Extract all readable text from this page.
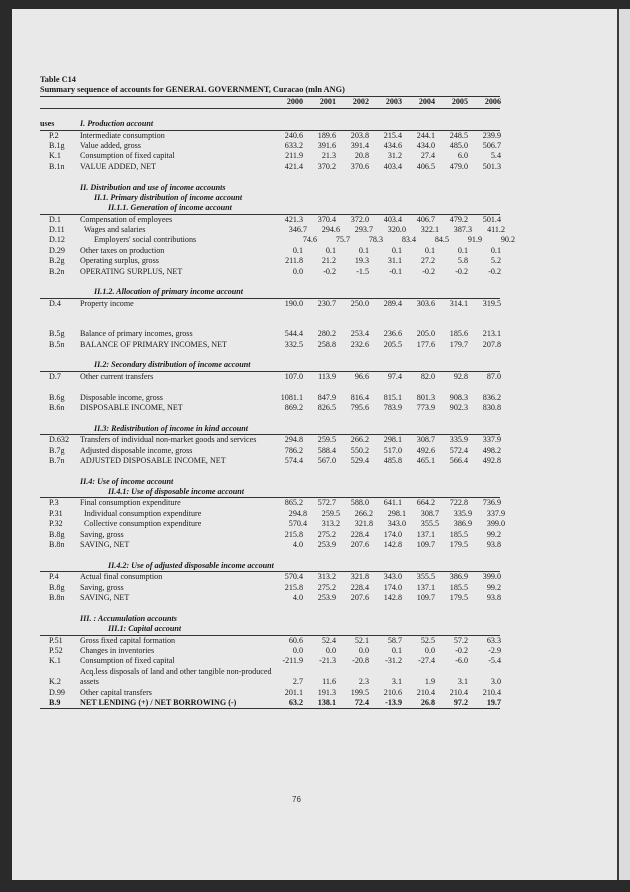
Table C14
Summary sequence of accounts for GENERAL GOVERNMENT, Curacao (mln ANG)
2000	2001	2002	2003	2004	2005	2006
uses	I. Production account
P.2	Intermediate consumption	240.6	189.6	203.8	215.4	244.1	248.5	239.9
B.1g	Value added, gross	633.2	391.6	391.4	434.6	434.0	485.0	506.7
K.1	Consumption of fixed capital	211.9	21.3	20.8	31.2	27.4	6.0	5.4
B.1n	VALUE ADDED, NET	421.4	370.2	370.6	403.4	406.5	479.0	501.3
II. Distribution and use of income accounts
II.1. Primary distribution of income account
II.1.1. Generation of income account
D.1	Compensation of employees	421.3	370.4	372.0	403.4	406.7	479.2	501.4
D.11	Wages and salaries	346.7	294.6	293.7	320.0	322.1	387.3	411.2
D.12	Employers' social contributions	74.6	75.7	78.3	83.4	84.5	91.9	90.2
D.29	Other taxes on production	0.1	0.1	0.1	0.1	0.1	0.1	0.1
B.2g	Operating surplus, gross	211.8	21.2	19.3	31.1	27.2	5.8	5.2
B.2n	OPERATING SURPLUS, NET	0.0	-0.2	-1.5	-0.1	-0.2	-0.2	-0.2
II.1.2. Allocation of primary income account
D.4	Property income	190.0	230.7	250.0	289.4	303.6	314.1	319.5
B.5g	Balance of primary incomes, gross	544.4	280.2	253.4	236.6	205.0	185.6	213.1
B.5n	BALANCE OF PRIMARY INCOMES, NET	332.5	258.8	232.6	205.5	177.6	179.7	207.8
II.2: Secondary distribution of income account
D.7	Other current transfers	107.0	113.9	96.6	97.4	82.0	92.8	87.0
B.6g	Disposable income, gross	1081.1	847.9	816.4	815.1	801.3	908.3	836.2
B.6n	DISPOSABLE INCOME, NET	869.2	826.5	795.6	783.9	773.9	902.3	830.8
II.3: Redistribution of income in kind account
D.632	Transfers of individual non-market goods and services	294.8	259.5	266.2	298.1	308.7	335.9	337.9
B.7g	Adjusted disposable income, gross	786.2	588.4	550.2	517.0	492.6	572.4	498.2
B.7n	ADJUSTED DISPOSABLE INCOME, NET	574.4	567.0	529.4	485.8	465.1	566.4	492.8
II.4: Use of income account
II.4.1: Use of disposable income account
P.3	Final consumption expenditure	865.2	572.7	588.0	641.1	664.2	722.8	736.9
P.31	Individual consumption expenditure	294.8	259.5	266.2	298.1	308.7	335.9	337.9
P.32	Collective consumption expenditure	570.4	313.2	321.8	343.0	355.5	386.9	399.0
B.8g	Saving, gross	215.8	275.2	228.4	174.0	137.1	185.5	99.2
B.8n	SAVING, NET	4.0	253.9	207.6	142.8	109.7	179.5	93.8
II.4.2: Use of adjusted disposable income account
P.4	Actual final consumption	570.4	313.2	321.8	343.0	355.5	386.9	399.0
B.8g	Saving, gross	215.8	275.2	228.4	174.0	137.1	185.5	99.2
B.8n	SAVING, NET	4.0	253.9	207.6	142.8	109.7	179.5	93.8
III. : Accumulation accounts
III.1: Capital account
P.51	Gross fixed capital formation	60.6	52.4	52.1	58.7	52.5	57.2	63.3
P.52	Changes in inventories	0.0	0.0	0.0	0.1	0.0	-0.2	-2.9
K.1	Consumption of fixed capital	-211.9	-21.3	-20.8	-31.2	-27.4	-6.0	-5.4
Acq.less disposals of land and other tangible non-produced
K.2	assets	2.7	11.6	2.3	3.1	1.9	3.1	3.0
D.99	Other capital transfers	201.1	191.3	199.5	210.6	210.4	210.4	210.4
B.9	NET LENDING (+) / NET BORROWING (-)	63.2	138.1	72.4	-13.9	26.8	97.2	19.7
76
